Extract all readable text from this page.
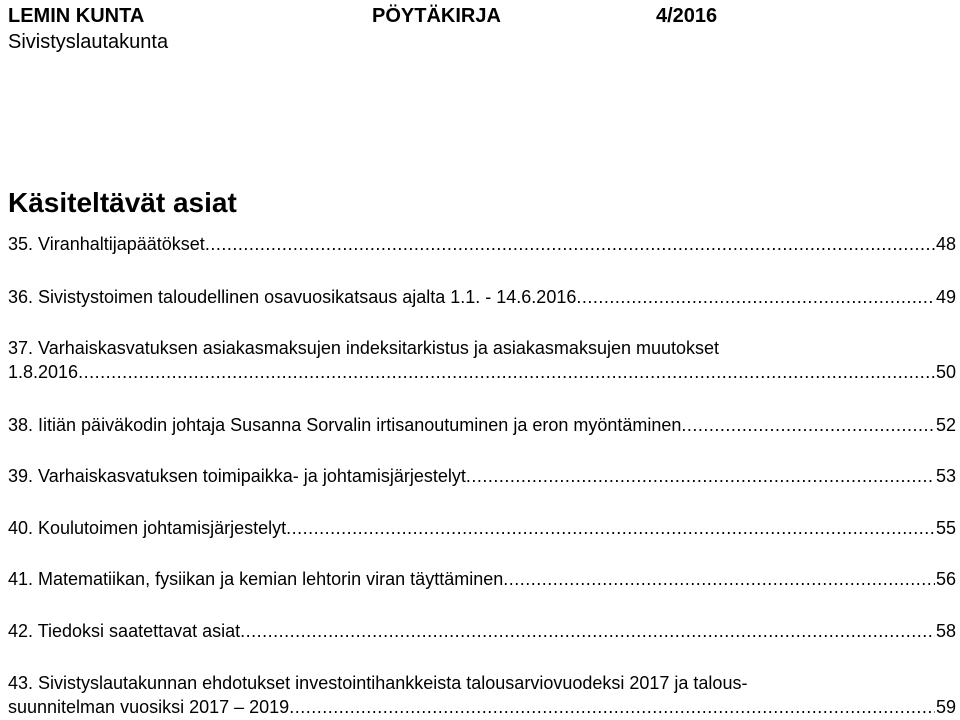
LEMIN KUNTA	PÖYTÄKIRJA	4/2016
Sivistyslautakunta
Käsiteltävät asiat
35. Viranhaltijapäätökset .....	48
36. Sivistystoimen taloudellinen osavuosikatsaus ajalta 1.1. - 14.6.2016 .....	49
37. Varhaiskasvatuksen asiakasmaksujen indeksitarkistus ja asiakasmaksujen muutokset
1.8.2016 .....	50
38. Iitiän päiväkodin johtaja Susanna Sorvalin irtisanoutuminen ja eron myöntäminen .....	52
39. Varhaiskasvatuksen toimipaikka- ja johtamisjärjestelyt .....	53
40. Koulutoimen johtamisjärjestelyt .....	55
41. Matematiikan, fysiikan ja kemian lehtorin viran täyttäminen .....	56
42. Tiedoksi saatettavat asiat .....	58
43. Sivistyslautakunnan ehdotukset investointihankkeista talousarviovuodeksi 2017 ja talous-
suunnitelman vuosiksi 2017 – 2019 .....	59
